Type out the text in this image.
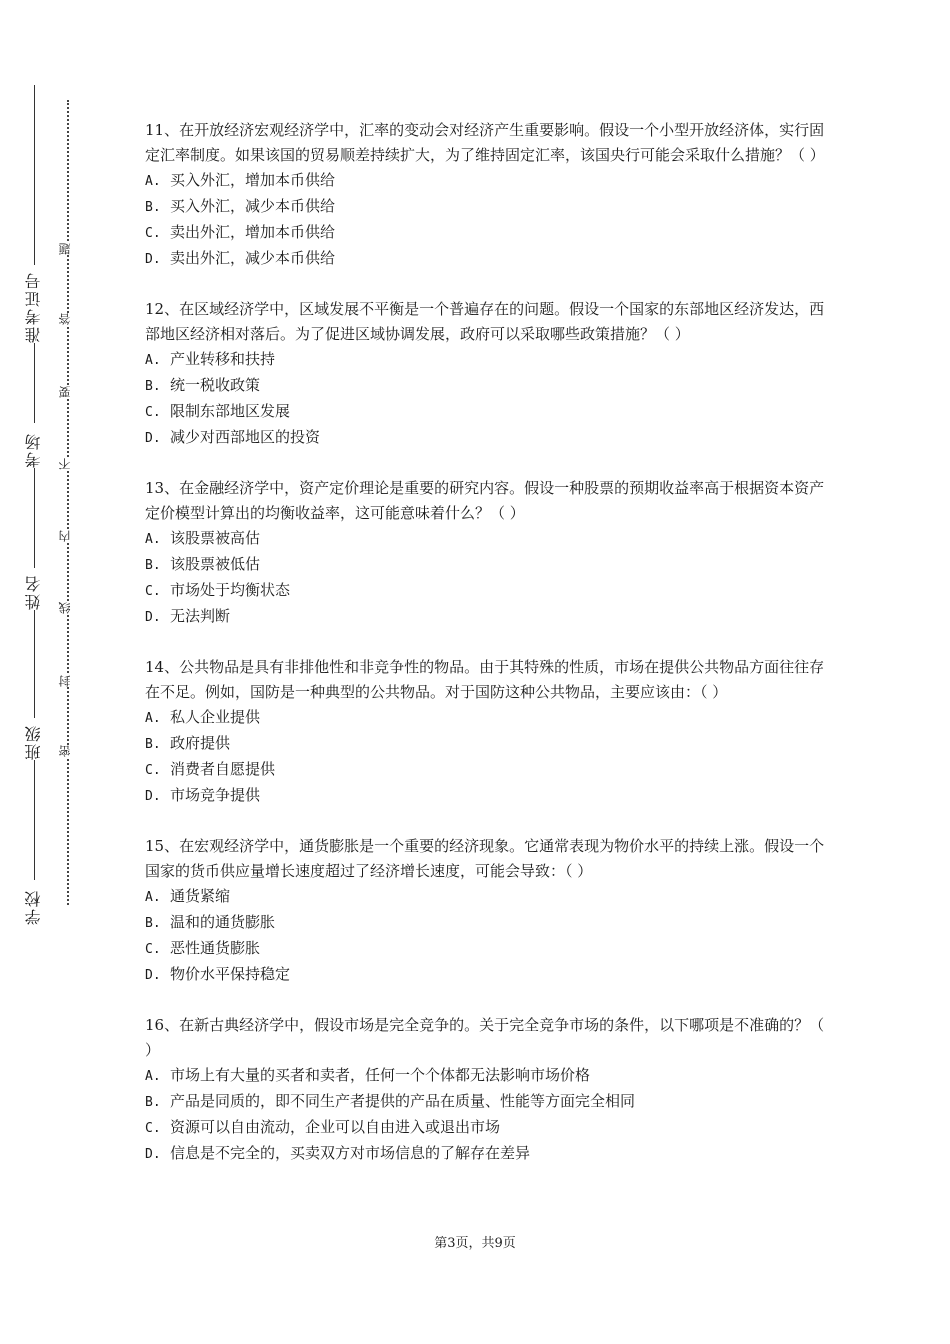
准考证号
考场
姓名
班级
学校
题
答
要
不
内
线
封
密

11、在开放经济宏观经济学中，汇率的变动会对经济产生重要影响。假设一个小型开放经济体，实行固定汇率制度。如果该国的贸易顺差持续扩大，为了维持固定汇率，该国央行可能会采取什么措施？（ ）

A. 买入外汇，增加本币供给

B. 买入外汇，减少本币供给

C. 卖出外汇，增加本币供给

D. 卖出外汇，减少本币供给

12、在区域经济学中，区域发展不平衡是一个普遍存在的问题。假设一个国家的东部地区经济发达，西部地区经济相对落后。为了促进区域协调发展，政府可以采取哪些政策措施？（ ）

A. 产业转移和扶持

B. 统一税收政策

C. 限制东部地区发展

D. 减少对西部地区的投资

13、在金融经济学中，资产定价理论是重要的研究内容。假设一种股票的预期收益率高于根据资本资产定价模型计算出的均衡收益率，这可能意味着什么？（ ）

A. 该股票被高估

B. 该股票被低估

C. 市场处于均衡状态

D. 无法判断

14、公共物品是具有非排他性和非竞争性的物品。由于其特殊的性质，市场在提供公共物品方面往往存在不足。例如，国防是一种典型的公共物品。对于国防这种公共物品，主要应该由：（ ）

A. 私人企业提供

B. 政府提供

C. 消费者自愿提供

D. 市场竞争提供

15、在宏观经济学中，通货膨胀是一个重要的经济现象。它通常表现为物价水平的持续上涨。假设一个国家的货币供应量增长速度超过了经济增长速度，可能会导致：（ ）

A. 通货紧缩

B. 温和的通货膨胀

C. 恶性通货膨胀

D. 物价水平保持稳定

16、在新古典经济学中，假设市场是完全竞争的。关于完全竞争市场的条件，以下哪项是不准确的？（ ）

A. 市场上有大量的买者和卖者，任何一个个体都无法影响市场价格

B. 产品是同质的，即不同生产者提供的产品在质量、性能等方面完全相同

C. 资源可以自由流动，企业可以自由进入或退出市场

D. 信息是不完全的，买卖双方对市场信息的了解存在差异

第3页，共9页
